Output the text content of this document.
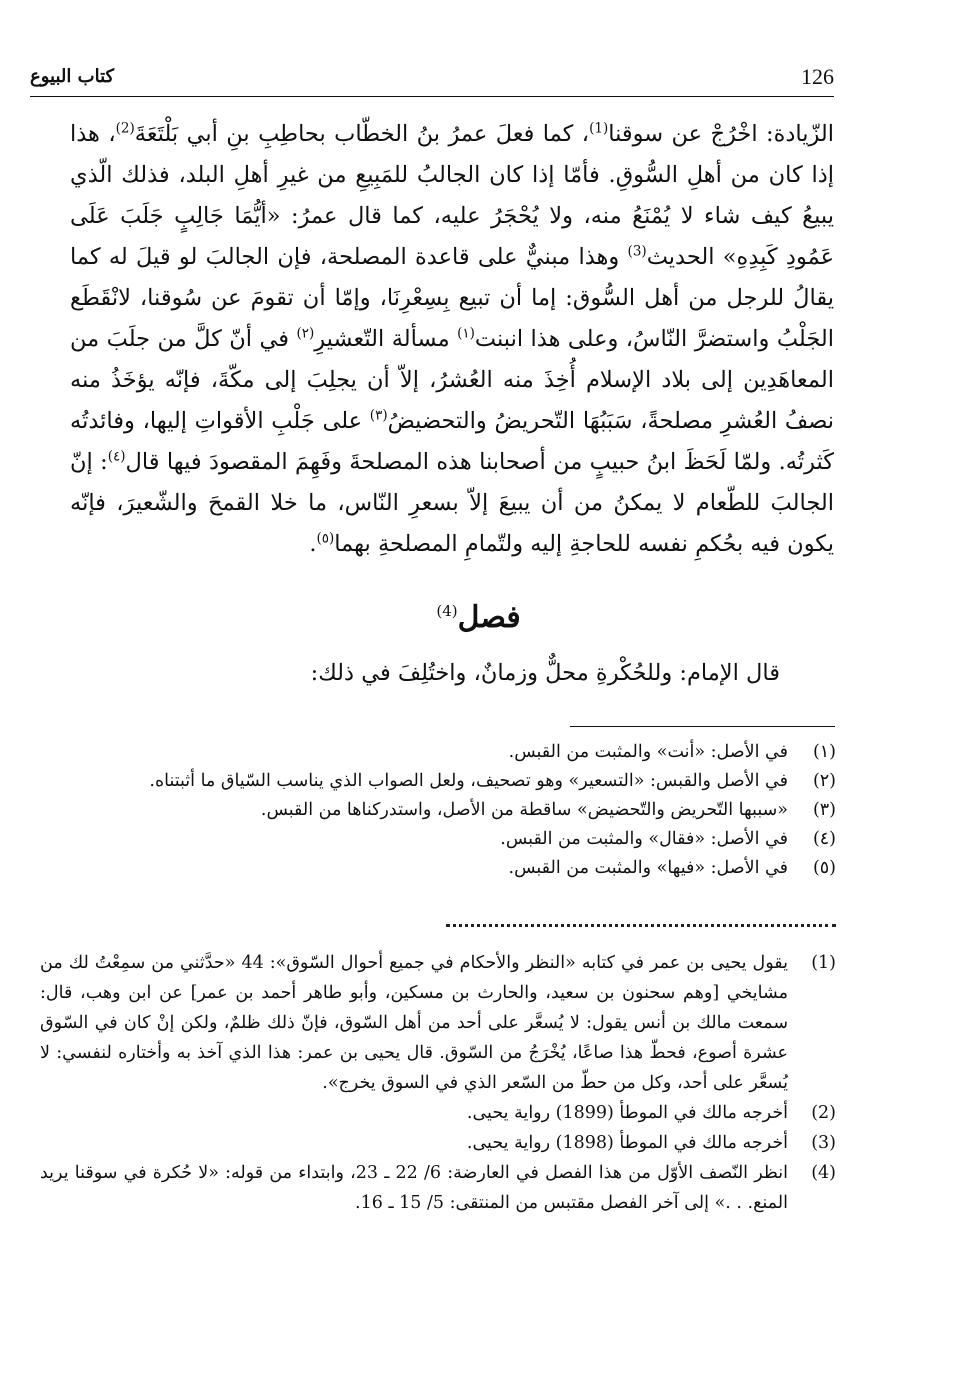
126
كتاب البيوع

الزّيادة: اخْرُجْ عن سوقنا$^{(1)}$، كما فعلَ عمرُ بنُ الخطّاب بحاطِبِ بنِ أبي بَلْتَعَةَ$^{(2)}$، هذا إذا كان من أهلِ السُّوقِ. فأمّا إذا كان الجالبُ للمَبِيعِ من غيرِ أهلِ البلد، فذلك الّذي يبيعُ كيف شاء لا يُمْنَعُ منه، ولا يُحْجَرُ عليه، كما قال عمرُ: «أيُّمَا جَالِبٍ جَلَبَ عَلَى عَمُودِ كَبِدِهِ» الحديث$^{(3)}$ وهذا مبنيٌّ على قاعدة المصلحة، فإن الجالبَ لو قيلَ له كما يقالُ للرجل من أهل السُّوق: إما أن تبيع بِسِعْرِنَا، وإمّا أن تقومَ عن سُوقنا، لانْقَطَع الجَلْبُ واستضرَّ النّاسُ، وعلى هذا انبنت$^{(١)}$ مسألة التّعشيرِ$^{(٢)}$ في أنّ كلَّ من جلَبَ من المعاهَدِين إلى بلاد الإسلام أُخِذَ منه العُشرُ، إلاّ أن يجلِبَ إلى مكّةَ، فإنّه يؤخَذُ منه نصفُ العُشرِ مصلحةً، سَبَبُهَا التّحريضُ والتحضيضُ$^{(٣)}$ على جَلْبِ الأقواتِ إليها، وفائدتُه كَثرتُه. ولمّا لَحَظَ ابنُ حبيبٍ من أصحابنا هذه المصلحةَ وفَهِمَ المقصودَ فيها قال$^{(٤)}$: إنّ الجالبَ للطّعام لا يمكنُ من أن يبيعَ إلاّ بسعرِ النّاس، ما خلا القمحَ والشّعيرَ، فإنّه يكون فيه بحُكمِ نفسه للحاجةِ إليه ولتّمامِ المصلحةِ بهما$^{(٥)}$.

فصل$^{(4)}$

قال الإمام: وللحُكْرةِ محلٌّ وزمانٌ، واختُلِفَ في ذلك:

(١)
في الأصل: «أنت» والمثبت من القبس.
(٢)
في الأصل والقبس: «التسعير» وهو تصحيف، ولعل الصواب الذي يناسب السّياق ما أثبتناه.
(٣)
«سببها التّحريض والتّحضيض» ساقطة من الأصل، واستدركناها من القبس.
(٤)
في الأصل: «فقال» والمثبت من القبس.
(٥)
في الأصل: «فيها» والمثبت من القبس.
(1)
يقول يحيى بن عمر في كتابه «النظر والأحكام في جميع أحوال السّوق»: 44 «حدَّثني من سمِعْتُ لك من مشايخي [وهم سحنون بن سعيد، والحارث بن مسكين، وأبو طاهر أحمد بن عمر] عن ابن وهب، قال: سمعت مالك بن أنس يقول: لا يُسعَّر على أحد من أهل السّوق، فإنّ ذلك ظلمٌ، ولكن إنْ كان في السّوق عشرة أصوع، فحطّ هذا صاعًا، يُخْرَجُ من السّوق. قال يحيى بن عمر: هذا الذي آخذ به وأختاره لنفسي: لا يُسعَّر على أحد، وكل من حطّ من السّعر الذي في السوق يخرج».
(2)
أخرجه مالك في الموطأ (1899) رواية يحيى.
(3)
أخرجه مالك في الموطأ (1898) رواية يحيى.
(4)
انظر النّصف الأوّل من هذا الفصل في العارضة: 6/ 22 ـ 23، وابتداء من قوله: «لا حُكرة في سوقنا يريد المنع. . .» إلى آخر الفصل مقتبس من المنتقى: 5/ 15 ـ 16.
